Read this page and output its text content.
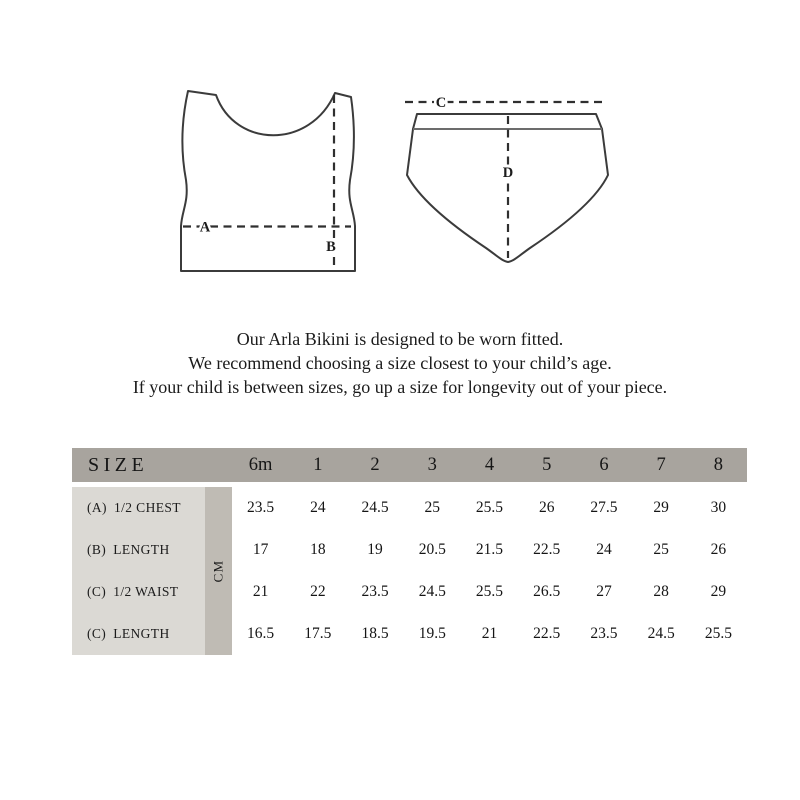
A
B
C
D
Our Arla Bikini is designed to be worn fitted.
We recommend choosing a size closest to your child’s age.
If your child is between sizes, go up a size for longevity out of your piece.
SIZE	6m	1	2	3	4	5	6	7	8
CM
(A) 1/2 CHEST	23.5	24	24.5	25	25.5	26	27.5	29	30
(B) LENGTH	17	18	19	20.5	21.5	22.5	24	25	26
(C) 1/2 WAIST	21	22	23.5	24.5	25.5	26.5	27	28	29
(C) LENGTH	16.5	17.5	18.5	19.5	21	22.5	23.5	24.5	25.5
